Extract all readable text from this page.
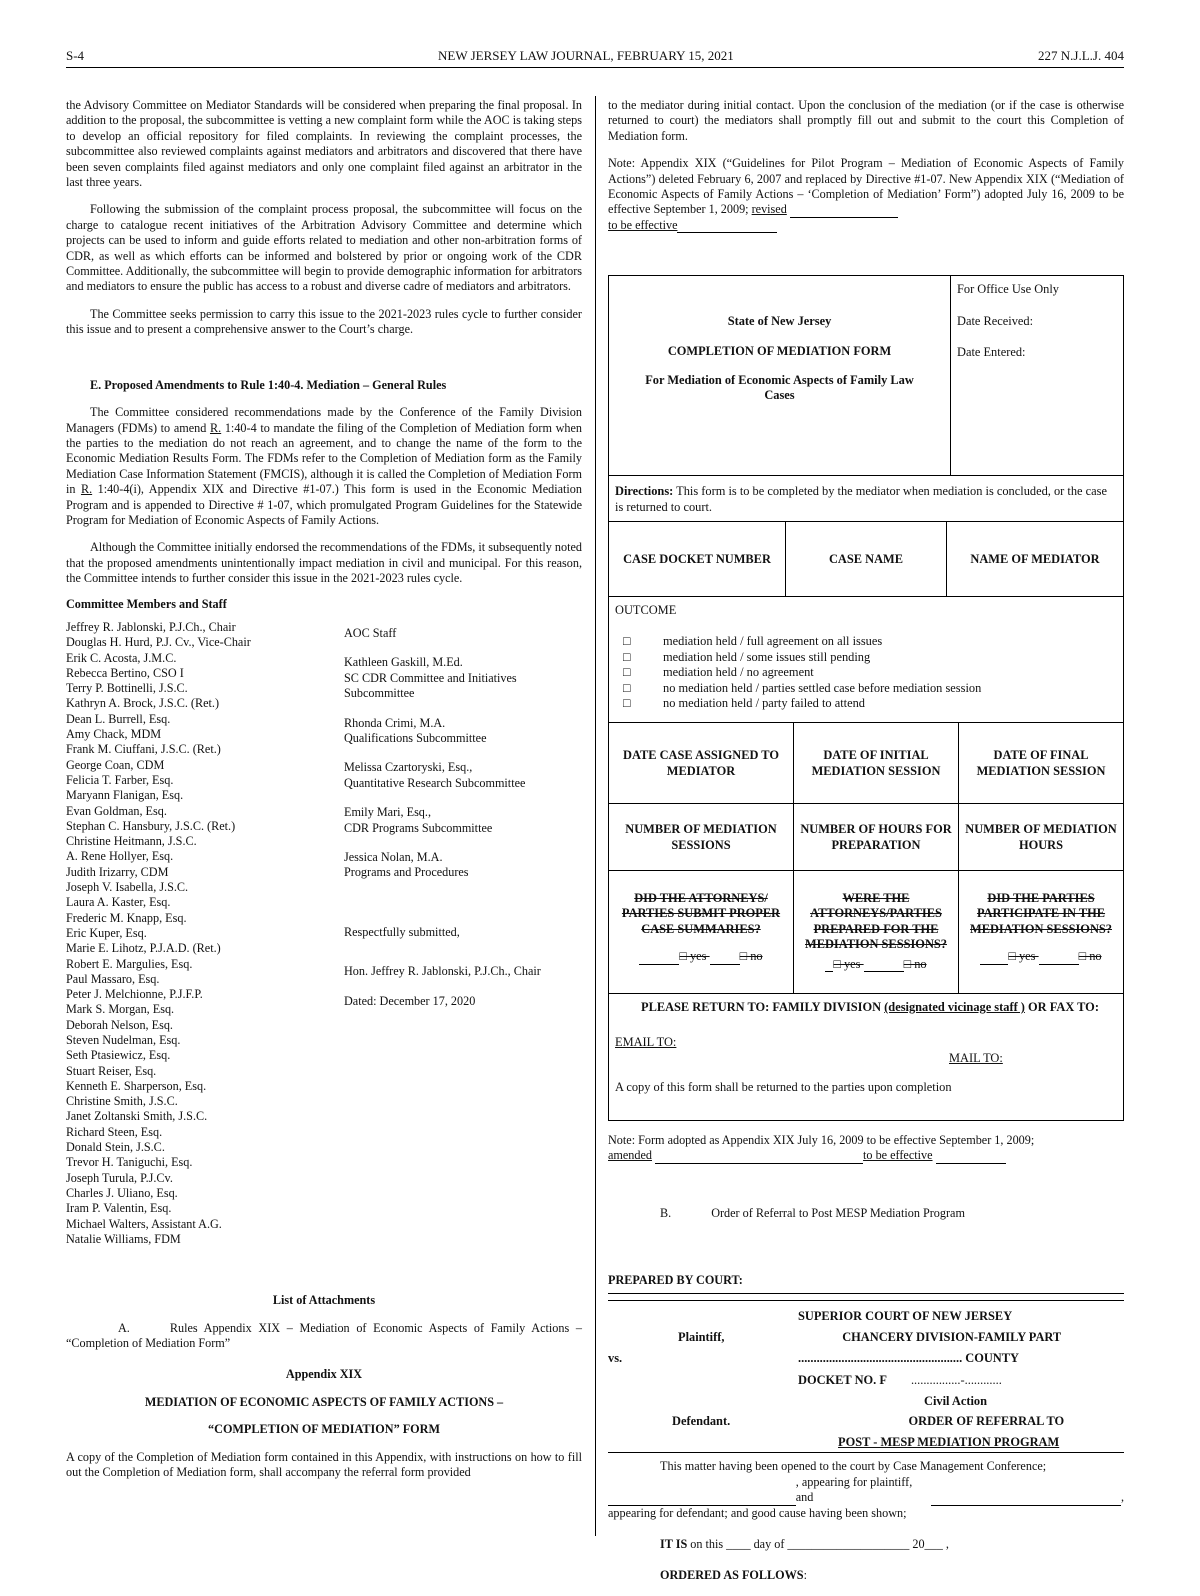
S-4	NEW JERSEY LAW JOURNAL, FEBRUARY 15, 2021	227 N.J.L.J. 404

the Advisory Committee on Mediator Standards will be considered when preparing the final proposal. In addition to the proposal, the subcommittee is vetting a new complaint form while the AOC is taking steps to develop an official repository for filed complaints. In reviewing the complaint processes, the subcommittee also reviewed complaints against mediators and arbitrators and discovered that there have been seven complaints filed against mediators and only one complaint filed against an arbitrator in the last three years.

Following the submission of the complaint process proposal, the subcommittee will focus on the charge to catalogue recent initiatives of the Arbitration Advisory Committee and determine which projects can be used to inform and guide efforts related to mediation and other non-arbitration forms of CDR, as well as which efforts can be informed and bolstered by prior or ongoing work of the CDR Committee. Additionally, the subcommittee will begin to provide demographic information for arbitrators and mediators to ensure the public has access to a robust and diverse cadre of mediators and arbitrators.

The Committee seeks permission to carry this issue to the 2021-2023 rules cycle to further consider this issue and to present a comprehensive answer to the Court’s charge.

E. Proposed Amendments to Rule 1:40-4. Mediation – General Rules

The Committee considered recommendations made by the Conference of the Family Division Managers (FDMs) to amend R. 1:40-4 to mandate the filing of the Completion of Mediation form when the parties to the mediation do not reach an agreement, and to change the name of the form to the Economic Mediation Results Form. The FDMs refer to the Completion of Mediation form as the Family Mediation Case Information Statement (FMCIS), although it is called the Completion of Mediation Form in R. 1:40-4(i), Appendix XIX and Directive #1-07.) This form is used in the Economic Mediation Program and is appended to Directive # 1-07, which promulgated Program Guidelines for the Statewide Program for Mediation of Economic Aspects of Family Actions.

Although the Committee initially endorsed the recommendations of the FDMs, it subsequently noted that the proposed amendments unintentionally impact mediation in civil and municipal. For this reason, the Committee intends to further consider this issue in the 2021-2023 rules cycle.

Committee Members and Staff
Jeffrey R. Jablonski, P.J.Ch., Chair
Douglas H. Hurd, P.J. Cv., Vice-Chair
Erik C. Acosta, J.M.C.
Rebecca Bertino, CSO I
Terry P. Bottinelli, J.S.C.
Kathryn A. Brock, J.S.C. (Ret.)
Dean L. Burrell, Esq.
Amy Chack, MDM
Frank M. Ciuffani, J.S.C. (Ret.)
George Coan, CDM
Felicia T. Farber, Esq.
Maryann Flanigan, Esq.
Evan Goldman, Esq.
Stephan C. Hansbury, J.S.C. (Ret.)
Christine Heitmann, J.S.C.
A. Rene Hollyer, Esq.
Judith Irizarry, CDM
Joseph V. Isabella, J.S.C.
Laura A. Kaster, Esq.
Frederic M. Knapp, Esq.
Eric Kuper, Esq.
Marie E. Lihotz, P.J.A.D. (Ret.)
Robert E. Margulies, Esq.
Paul Massaro, Esq.
Peter J. Melchionne, P.J.F.P.
Mark S. Morgan, Esq.
Deborah Nelson, Esq.
Steven Nudelman, Esq.
Seth Ptasiewicz, Esq.
Stuart Reiser, Esq.
Kenneth E. Sharperson, Esq.
Christine Smith, J.S.C.
Janet Zoltanski Smith, J.S.C.
Richard Steen, Esq.
Donald Stein, J.S.C.
Trevor H. Taniguchi, Esq.
Joseph Turula, P.J.Cv.
Charles J. Uliano, Esq.
Iram P. Valentin, Esq.
Michael Walters, Assistant A.G.
Natalie Williams, FDM
AOC Staff
Kathleen Gaskill, M.Ed.
SC CDR Committee and Initiatives Subcommittee
Rhonda Crimi, M.A.
Qualifications Subcommittee
Melissa Czartoryski, Esq.,
Quantitative Research Subcommittee
Emily Mari, Esq.,
CDR Programs Subcommittee
Jessica Nolan, M.A.
Programs and Procedures
Respectfully submitted,
Hon. Jeffrey R. Jablonski, P.J.Ch., Chair
Dated: December 17, 2020
List of Attachments

A.	Rules Appendix XIX – Mediation of Economic Aspects of Family Actions – “Completion of Mediation Form”

Appendix XIX
MEDIATION OF ECONOMIC ASPECTS OF FAMILY ACTIONS –
“COMPLETION OF MEDIATION” FORM

A copy of the Completion of Mediation form contained in this Appendix, with instructions on how to fill out the Completion of Mediation form, shall accompany the referral form provided

to the mediator during initial contact. Upon the conclusion of the mediation (or if the case is otherwise returned to court) the mediators shall promptly fill out and submit to the court this Completion of Mediation form.

Note: Appendix XIX (“Guidelines for Pilot Program – Mediation of Economic Aspects of Family Actions”) deleted February 6, 2007 and replaced by Directive #1-07. New Appendix XIX (“Mediation of Economic Aspects of Family Actions – ‘Completion of Mediation’ Form”) adopted July 16, 2009 to be effective September 1, 2009; revised
to be effective

State of New Jersey
COMPLETION OF MEDIATION FORM
For Mediation of Economic Aspects of Family Law Cases

For Office Use Only
Date Received:
Date Entered:

Directions: This form is to be completed by the mediator when mediation is concluded, or the case is returned to court.

CASE DOCKET NUMBER	CASE NAME	NAME OF MEDIATOR

OUTCOME
□	mediation held / full agreement on all issues
□	mediation held / some issues still pending
□	mediation held / no agreement
□	no mediation held / parties settled case before mediation session
□	no mediation held / party failed to attend

DATE CASE ASSIGNED TO MEDIATOR	DATE OF INITIAL MEDIATION SESSION	DATE OF FINAL MEDIATION SESSION
NUMBER OF MEDIATION SESSIONS	NUMBER OF HOURS FOR PREPARATION	NUMBER OF MEDIATION HOURS

DID THE ATTORNEYS/ PARTIES SUBMIT PROPER CASE SUMMARIES?
□ yes	□ no

WERE THE ATTORNEYS/PARTIES PREPARED FOR THE MEDIATION SESSIONS?
□ yes	□ no

DID THE PARTIES PARTICIPATE IN THE MEDIATION SESSIONS?
□ yes	□ no

PLEASE RETURN TO: FAMILY DIVISION (designated vicinage staff ) OR FAX TO:
EMAIL TO:
MAIL TO:
A copy of this form shall be returned to the parties upon completion

Note: Form adopted as Appendix XIX July 16, 2009 to be effective September 1, 2009;
amended	to be effective

B.	Order of Referral to Post MESP Mediation Program
PREPARED BY COURT:
SUPERIOR COURT OF NEW JERSEY
Plaintiff,	CHANCERY DIVISION-FAMILY PART
vs.	..................................................... COUNTY
DOCKET NO. F ................-............
Civil Action
Defendant.	ORDER OF REFERRAL TO
POST - MESP MEDIATION PROGRAM

This matter having been opened to the court by Case Management Conference;

, appearing for plaintiff, and	,

appearing for defendant; and good cause having been shown;

IT IS on this ____ day of ____________________ 20___ ,

ORDERED AS FOLLOWS:
